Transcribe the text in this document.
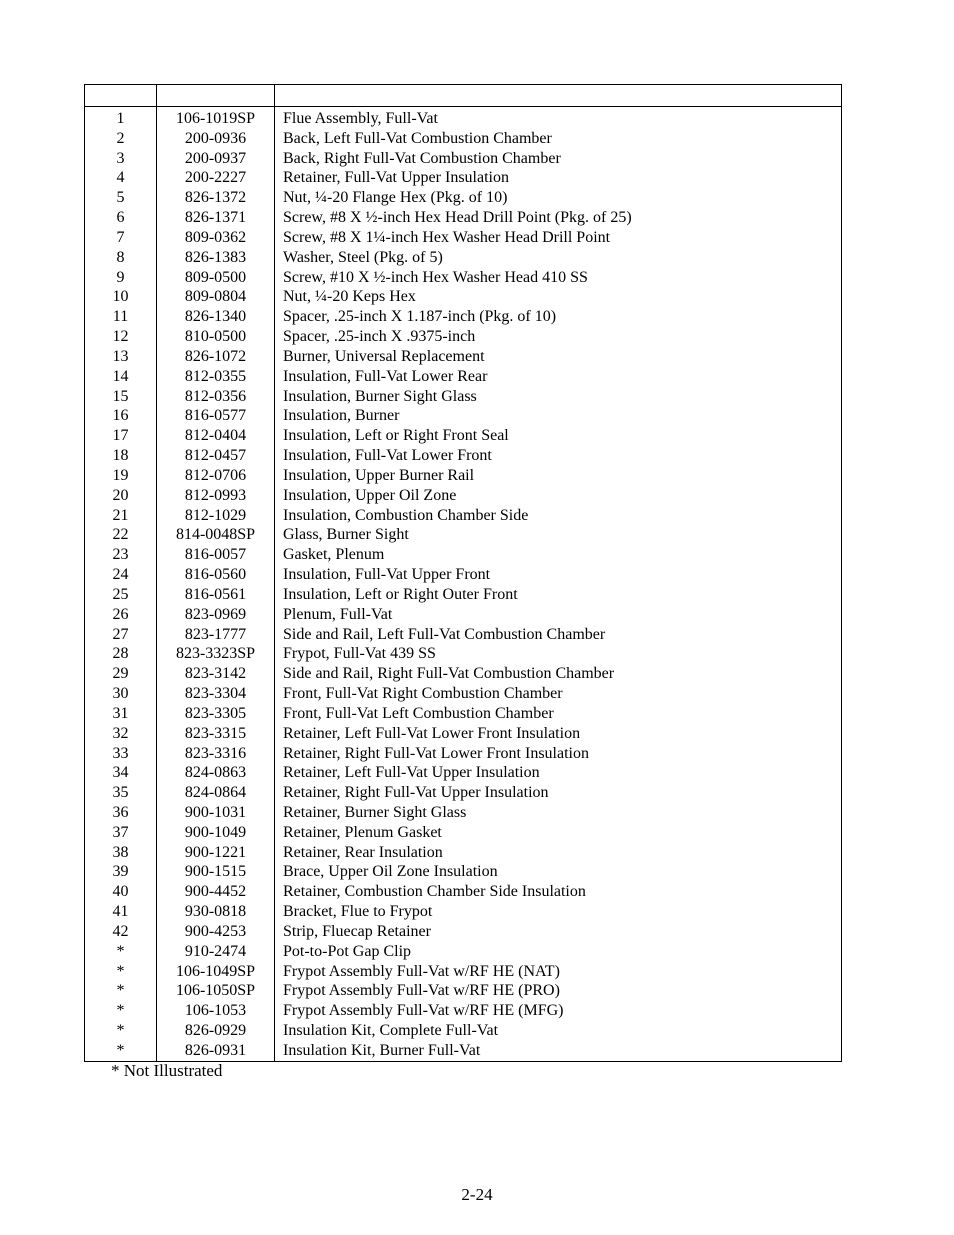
1	106-1019SP	Flue Assembly, Full-Vat
2	200-0936	Back, Left Full-Vat Combustion Chamber
3	200-0937	Back, Right Full-Vat Combustion Chamber
4	200-2227	Retainer, Full-Vat Upper Insulation
5	826-1372	Nut, ¼-20 Flange Hex (Pkg. of 10)
6	826-1371	Screw, #8 X ½-inch Hex Head Drill Point (Pkg. of 25)
7	809-0362	Screw, #8 X 1¼-inch Hex Washer Head Drill Point
8	826-1383	Washer, Steel (Pkg. of 5)
9	809-0500	Screw, #10 X ½-inch Hex Washer Head 410 SS
10	809-0804	Nut, ¼-20 Keps Hex
11	826-1340	Spacer, .25-inch X 1.187-inch (Pkg. of 10)
12	810-0500	Spacer, .25-inch X .9375-inch
13	826-1072	Burner, Universal Replacement
14	812-0355	Insulation, Full-Vat Lower Rear
15	812-0356	Insulation, Burner Sight Glass
16	816-0577	Insulation, Burner
17	812-0404	Insulation, Left or Right Front Seal
18	812-0457	Insulation, Full-Vat Lower Front
19	812-0706	Insulation, Upper Burner Rail
20	812-0993	Insulation, Upper Oil Zone
21	812-1029	Insulation, Combustion Chamber Side
22	814-0048SP	Glass, Burner Sight
23	816-0057	Gasket, Plenum
24	816-0560	Insulation, Full-Vat Upper Front
25	816-0561	Insulation, Left or Right Outer Front
26	823-0969	Plenum, Full-Vat
27	823-1777	Side and Rail, Left Full-Vat Combustion Chamber
28	823-3323SP	Frypot, Full-Vat 439 SS
29	823-3142	Side and Rail, Right Full-Vat Combustion Chamber
30	823-3304	Front, Full-Vat Right Combustion Chamber
31	823-3305	Front, Full-Vat Left Combustion Chamber
32	823-3315	Retainer, Left Full-Vat Lower Front Insulation
33	823-3316	Retainer, Right Full-Vat Lower Front Insulation
34	824-0863	Retainer, Left Full-Vat Upper Insulation
35	824-0864	Retainer, Right Full-Vat Upper Insulation
36	900-1031	Retainer, Burner Sight Glass
37	900-1049	Retainer, Plenum Gasket
38	900-1221	Retainer, Rear Insulation
39	900-1515	Brace, Upper Oil Zone Insulation
40	900-4452	Retainer, Combustion Chamber Side Insulation
41	930-0818	Bracket, Flue to Frypot
42	900-4253	Strip, Fluecap Retainer
*	910-2474	Pot-to-Pot Gap Clip
*	106-1049SP	Frypot Assembly Full-Vat w/RF HE (NAT)
*	106-1050SP	Frypot Assembly Full-Vat w/RF HE (PRO)
*	106-1053	Frypot Assembly Full-Vat w/RF HE (MFG)
*	826-0929	Insulation Kit, Complete Full-Vat
*	826-0931	Insulation Kit, Burner Full-Vat
* Not Illustrated
2-24
